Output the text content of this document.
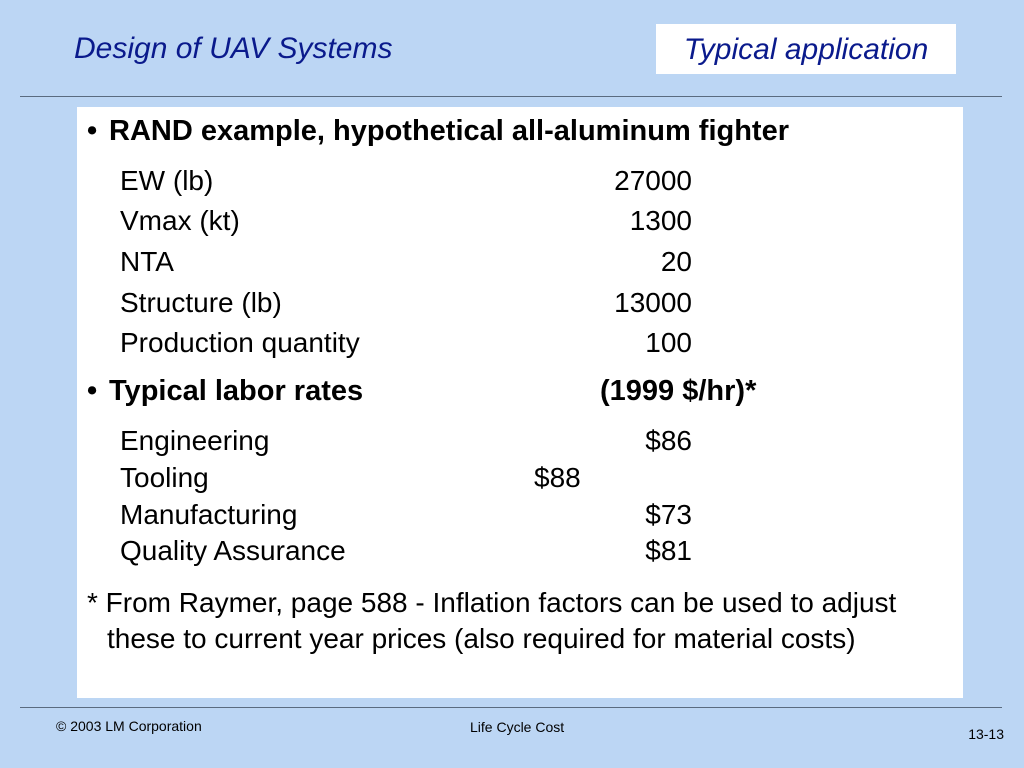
Design of UAV Systems	Typical application
• RAND example, hypothetical all-aluminum fighter
EW (lb)	27000
Vmax (kt)	1300
NTA	20
Structure (lb)	13000
Production quantity	100
• Typical labor rates	(1999 $/hr)*
Engineering	$86
Tooling	$88
Manufacturing	$73
Quality Assurance	$81
* From Raymer, page 588 - Inflation factors can be used to adjust these to current year prices (also required for material costs)
© 2003 LM Corporation	Life Cycle Cost	13-13
